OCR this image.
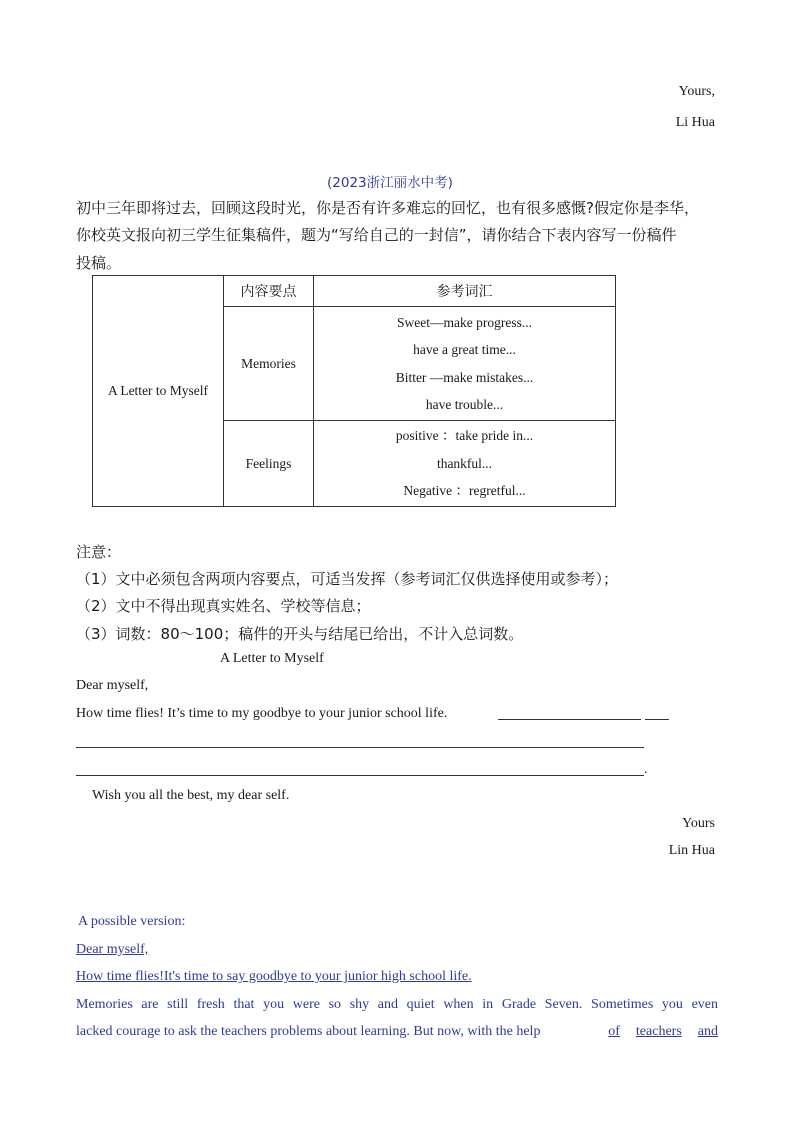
Yours,
Li Hua
(2023浙江丽水中考)
初中三年即将过去，回顾这段时光，你是否有许多难忘的回忆，也有很多感慨?假定你是李华，
你校英文报向初三学生征集稿件，题为“写给自己的一封信”，请你结合下表内容写一份稿件
投稿。
A Letter to Myself	内容要点	参考词汇
	Memories	Sweet—make progress...
have a great time...
Bitter —make mistakes...
have trouble...

	Feelings	positive ：take pride in...
thankful...
Negative ：regretful...
注意：
（1）文中必须包含两项内容要点，可适当发挥（参考词汇仅供选择使用或参考）；
（2）文中不得出现真实姓名、学校等信息；
（3）词数：80～100；稿件的开头与结尾已给出，不计入总词数。
A Letter to Myself
Dear myself,
How time flies! It’s time to my goodbye to your junior school life.
.
Wish you all the best, my dear self.
Yours
Lin Hua
A possible version:
Dear myself,
How time flies!It's time to say goodbye to your junior high school life.
Memories are still fresh that you were so shy and quiet when in Grade Seven. Sometimes you even
lacked courage to ask the teachers problems about learning. But now, with the help	of teachers and
